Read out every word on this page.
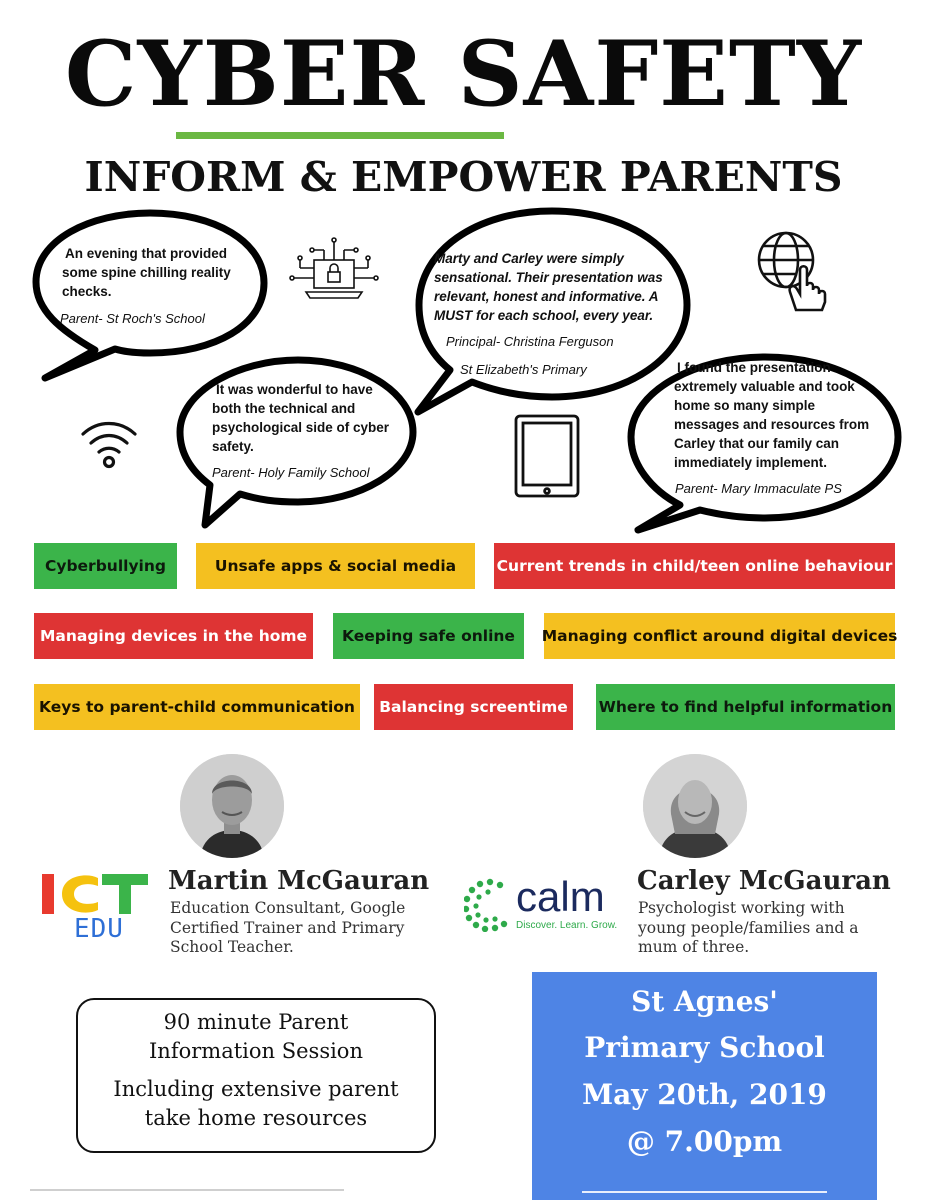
CYBER SAFETY
INFORM & EMPOWER PARENTS
An evening that provided
some spine chilling reality
checks.
Parent- St Roch's School
It was wonderful to have
both the technical and
psychological side of cyber
safety.
Parent- Holy Family School
Marty and Carley were simply
sensational. Their presentation was
relevant, honest and informative. A
MUST for each school, every year.
Principal- Christina Ferguson
St Elizabeth's Primary	I found the presentation
extremely valuable and took
home so many simple
messages and resources from
Carley that our family can
immediately implement.
Parent- Mary Immaculate PS
Cyberbullying	Unsafe apps & social media	Current trends in child/teen online behaviour
Managing devices in the home	Keeping safe online	Managing conflict around digital devices
Keys to parent-child communication	Balancing screentime	Where to find helpful information
EDU
Martin McGauran
Education Consultant, Google
Certified Trainer and Primary
School Teacher.
calm
Discover. Learn. Grow.
Carley McGauran
Psychologist working with
young people/families and a
mum of three.
90 minute Parent
Information Session
Including extensive parent
take home resources
St Agnes'
Primary School
May 20th, 2019
@ 7.00pm
